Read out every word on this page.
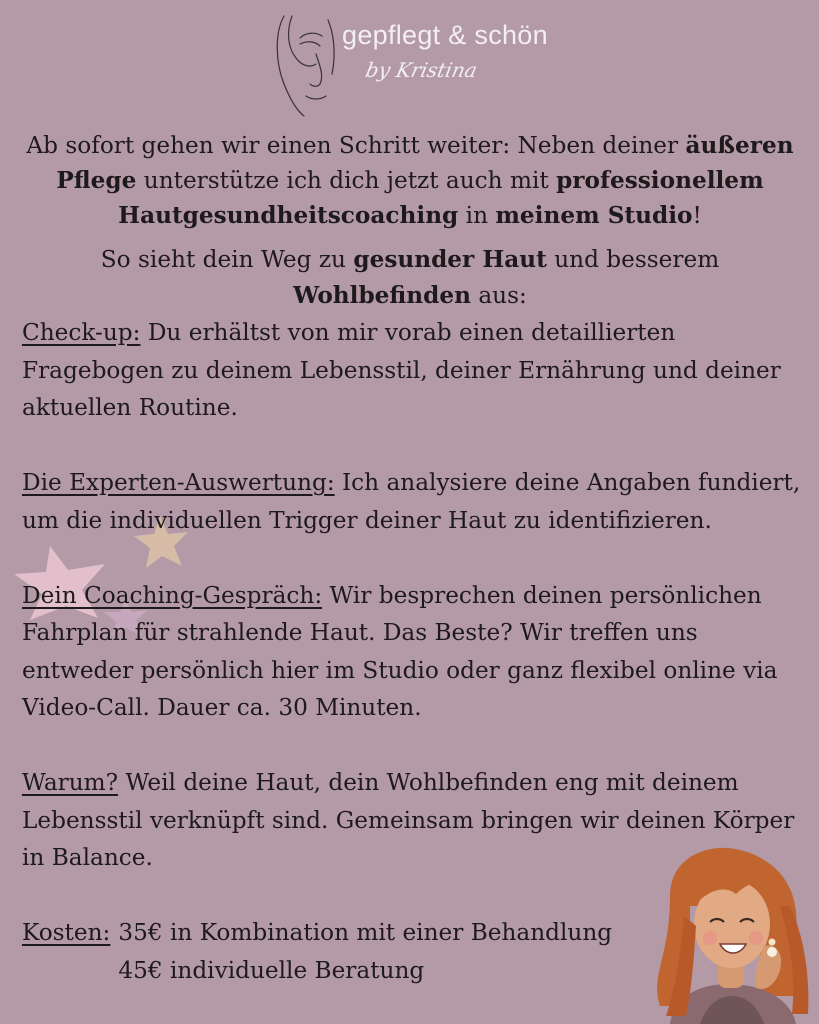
gepflegt & schön
by Kristina
Ab sofort gehen wir einen Schritt weiter: Neben deiner äußeren Pflege unterstütze ich dich jetzt auch mit professionellem Hautgesundheitscoaching in meinem Studio!
So sieht dein Weg zu gesunder Haut und besserem
Wohlbefinden aus:
Check-up: Du erhältst von mir vorab einen detaillierten Fragebogen zu deinem Lebensstil, deiner Ernährung und deiner aktuellen Routine.
Die Experten-Auswertung: Ich analysiere deine Angaben fundiert, um die individuellen Trigger deiner Haut zu identifizieren.
Dein Coaching-Gespräch: Wir besprechen deinen persönlichen Fahrplan für strahlende Haut. Das Beste? Wir treffen uns entweder persönlich hier im Studio oder ganz flexibel online via Video-Call. Dauer ca. 30 Minuten.
Warum? Weil deine Haut, dein Wohlbefinden eng mit deinem Lebensstil verknüpft sind. Gemeinsam bringen wir deinen Körper in Balance.
Kosten: 35€ in Kombination mit einer Behandlung
45€ individuelle Beratung
